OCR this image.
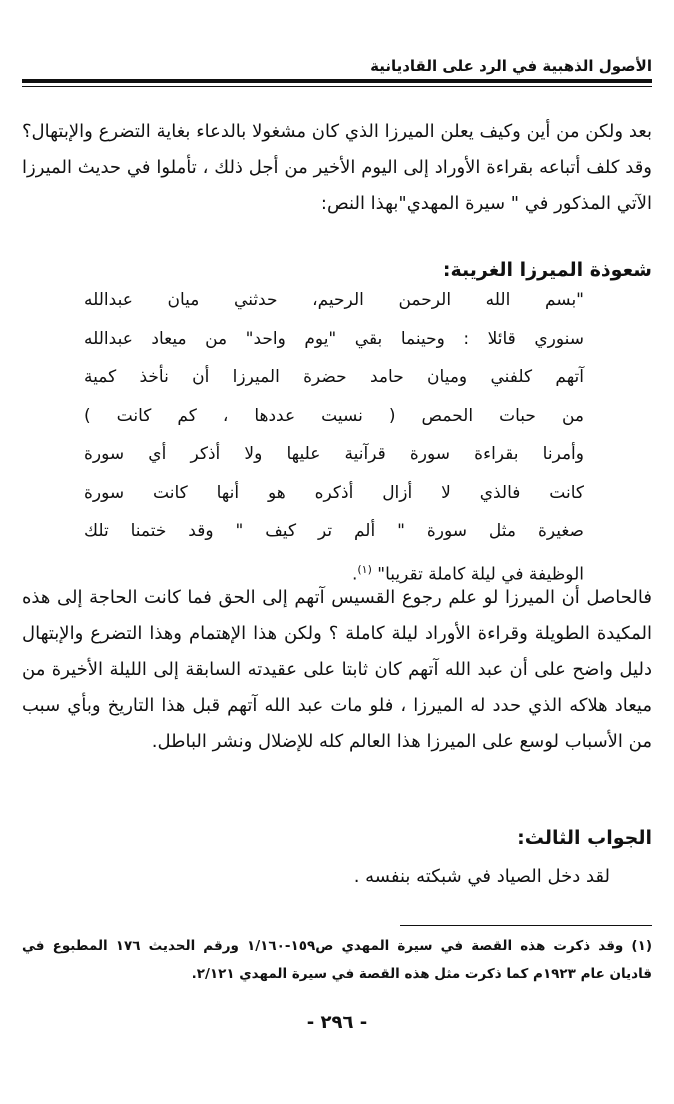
الأصول الذهبية في الرد على القاديانية
بعد ولكن من أين وكيف يعلن الميرزا الذي كان مشغولا بالدعاء بغاية التضرع والإبتهال؟ وقد كلف أتباعه بقراءة الأوراد إلى اليوم الأخير من أجل ذلك ، تأملوا في حديث الميرزا الآتي المذكور في " سيرة المهدي"بهذا النص:
شعوذة الميرزا الغريبة:
"بسم الله الرحمن الرحيم، حدثني ميان عبدالله
سنوري قائلا : وحينما بقي "يوم واحد" من ميعاد عبدالله
آتهم كلفني وميان حامد حضرة الميرزا أن نأخذ كمية
من حبات الحمص ( نسيت عددها ، كم كانت )
وأمرنا بقراءة سورة قرآنية عليها ولا أذكر أي سورة
كانت فالذي لا أزال أذكره هو أنها كانت سورة
صغيرة مثل سورة " ألم تر كيف " وقد ختمنا تلك
الوظيفة في ليلة كاملة تقريبا" $^{(١)}$.
فالحاصل أن الميرزا لو علم رجوع القسيس آتهم إلى الحق فما كانت الحاجة إلى هذه المكيدة الطويلة وقراءة الأوراد ليلة كاملة ؟ ولكن هذا الإهتمام وهذا التضرع والإبتهال دليل واضح على أن عبد الله آتهم كان ثابتا على عقيدته السابقة إلى الليلة الأخيرة من ميعاد هلاكه الذي حدد له الميرزا ، فلو مات عبد الله آتهم قبل هذا التاريخ وبأي سبب من الأسباب لوسع على الميرزا هذا العالم كله للإضلال ونشر الباطل.
الجواب الثالث:
لقد دخل الصياد في شبكته بنفسه .
(١) وقد ذكرت هذه القصة في سيرة المهدي ص١٥٩-١/١٦٠ ورقم الحديث ١٧٦ المطبوع في قاديان عام ١٩٢٣م كما ذكرت مثل هذه القصة في سيرة المهدي ٢/١٢١.
- ٢٩٦ -
